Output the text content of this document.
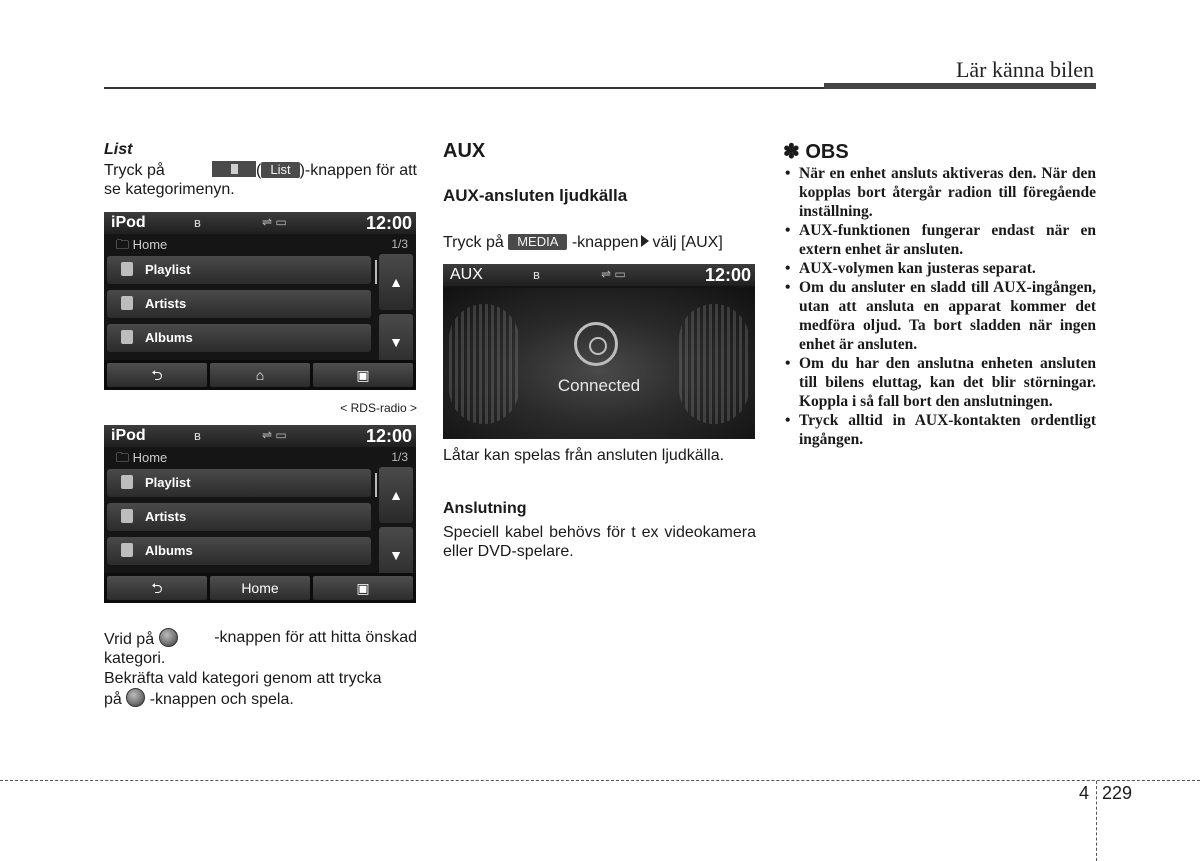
Lär känna bilen
List
Tryck på	( List )-knappen för att
se kategorimenyn.
iPod	ʙ	⇌ ▭	12:00
🗀 Home	1/3
Playlist
Artists
Albums
▲
▼
⮌	⌂	▣
< RDS-radio >
iPod	ʙ	⇌ ▭	12:00
🗀 Home	1/3
Playlist
Artists
Albums
▲
▼
⮌	Home	▣
Vrid på	-knappen för att hitta önskad
kategori.
Bekräfta vald kategori genom att trycka
på -knappen och spela.
AUX
AUX-ansluten ljudkälla
Tryck på MEDIA -knappen välj [AUX]
AUX	ʙ	⇌ ▭	12:00
Connected
Låtar kan spelas från ansluten ljudkälla.
Anslutning
Speciell kabel behövs för t ex videokamera eller DVD-spelare.
✽ OBS
• När en enhet ansluts aktiveras den. När den kopplas bort återgår radion till föregående inställning.
• AUX-funktionen fungerar endast när en extern enhet är ansluten.
• AUX-volymen kan justeras separat.
• Om du ansluter en sladd till AUX-ingången, utan att ansluta en apparat kommer det medföra oljud. Ta bort sladden när ingen enhet är ansluten.
• Om du har den anslutna enheten ansluten till bilens eluttag, kan det blir störningar. Koppla i så fall bort den anslutningen.
• Tryck alltid in AUX-kontakten ordentligt ingången.
4 229
